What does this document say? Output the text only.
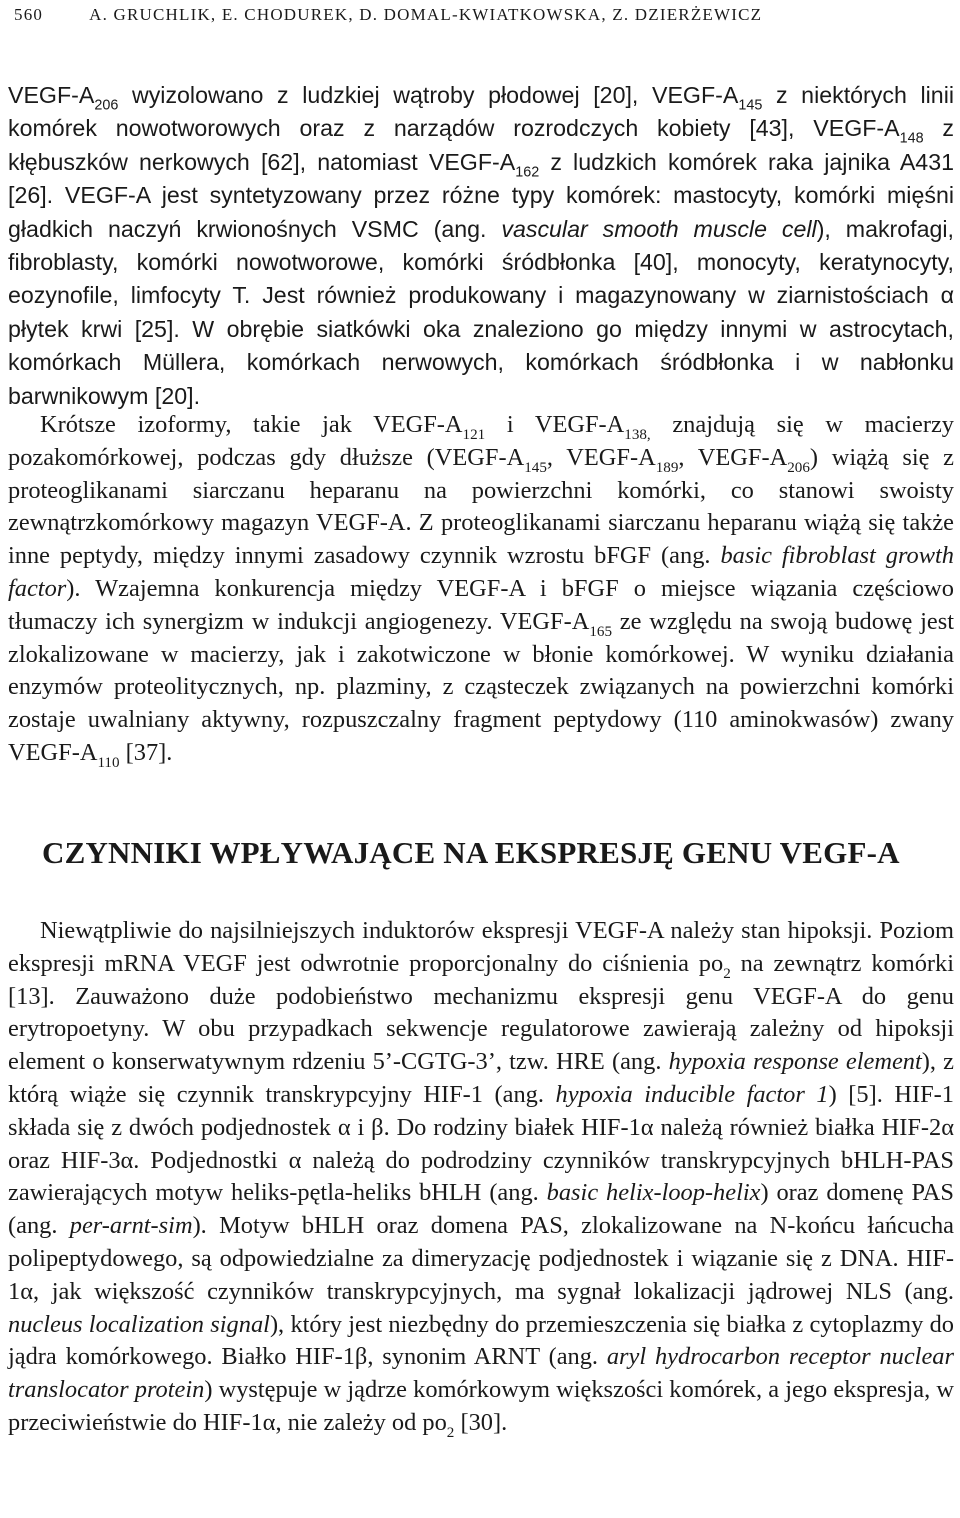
560	A. GRUCHLIK, E. CHODUREK, D. DOMAL-KWIATKOWSKA, Z. DZIERŻEWICZ
VEGF-$A_{206}$ wyizolowano z ludzkiej wątroby płodowej [20], VEGF-$A_{145}$ z niektórych linii komórek nowotworowych oraz z narządów rozrodczych kobiety [43], VEGF-$A_{148}$ z kłębuszków nerkowych [62], natomiast VEGF-$A_{162}$ z ludzkich komórek raka jajnika A431 [26]. VEGF-A jest syntetyzowany przez różne typy komórek: mastocyty, komórki mięśni gładkich naczyń krwionośnych VSMC (ang. vascular smooth muscle cell), makrofagi, fibroblasty, komórki nowotworowe, komórki śródbłonka [40], monocyty, keratynocyty, eozynofile, limfocyty T. Jest również produkowany i magazynowany w ziarnistościach α płytek krwi [25]. W obrębie siatkówki oka znaleziono go między innymi w astrocytach, komórkach Müllera, komórkach nerwowych, komórkach śródbłonka i w nabłonku barwnikowym [20].
Krótsze izoformy, takie jak VEGF-$A_{121}$ i VEGF-$A_{138,}$ znajdują się w macierzy pozakomórkowej, podczas gdy dłuższe ($VEGF-A_{145}$, VEGF-$A_{189}$, VEGF-$A_{206}$) wiążą się z proteoglikanami siarczanu heparanu na powierzchni komórki, co stanowi swoisty zewnątrzkomórkowy magazyn VEGF-A. Z proteoglikanami siarczanu heparanu wiążą się także inne peptydy, między innymi zasadowy czynnik wzrostu bFGF (ang. basic fibroblast growth factor). Wzajemna konkurencja między VEGF-A i bFGF o miejsce wiązania częściowo tłumaczy ich synergizm w indukcji angiogenezy. VEGF-$A_{165}$ ze względu na swoją budowę jest zlokalizowane w macierzy, jak i zakotwiczone w błonie komórkowej. W wyniku działania enzymów proteolitycznych, np. plazminy, z cząsteczek związanych na powierzchni komórki zostaje uwalniany aktywny, rozpuszczalny fragment peptydowy (110 aminokwasów) zwany VEGF-$A_{110}$ [37].
CZYNNIKI WPŁYWAJĄCE NA EKSPRESJĘ GENU VEGF-A
Niewątpliwie do najsilniejszych induktorów ekspresji VEGF-A należy stan hipoksji. Poziom ekspresji mRNA VEGF jest odwrotnie proporcjonalny do ciśnienia $po_2$ na zewnątrz komórki [13]. Zauważono duże podobieństwo mechanizmu ekspresji genu VEGF-A do genu erytropoetyny. W obu przypadkach sekwencje regulatorowe zawierają zależny od hipoksji element o konserwatywnym rdzeniu 5’-CGTG-3’, tzw. HRE (ang. hypoxia response element), z którą wiąże się czynnik transkrypcyjny HIF-1 (ang. hypoxia inducible factor 1) [5]. HIF-1 składa się z dwóch podjednostek α i β. Do rodziny białek HIF-1α należą również białka HIF-2α oraz HIF-3α. Podjednostki α należą do podrodziny czynników transkrypcyjnych bHLH-PAS zawierających motyw heliks-pętla-heliks bHLH (ang. basic helix-loop-helix) oraz domenę PAS (ang. per-arnt-sim). Motyw bHLH oraz domena PAS, zlokalizowane na N-końcu łańcucha polipeptydowego, są odpowiedzialne za dimeryzację podjednostek i wiązanie się z DNA. HIF-1α, jak większość czynników transkrypcyjnych, ma sygnał lokalizacji jądrowej NLS (ang. nucleus localization signal), który jest niezbędny do przemieszczenia się białka z cytoplazmy do jądra komórkowego. Białko HIF-1β, synonim ARNT (ang. aryl hydrocarbon receptor nuclear translocator protein) występuje w jądrze komórkowym większości komórek, a jego ekspresja, w przeciwieństwie do HIF-1α, nie zależy od $po_2$ [30].
